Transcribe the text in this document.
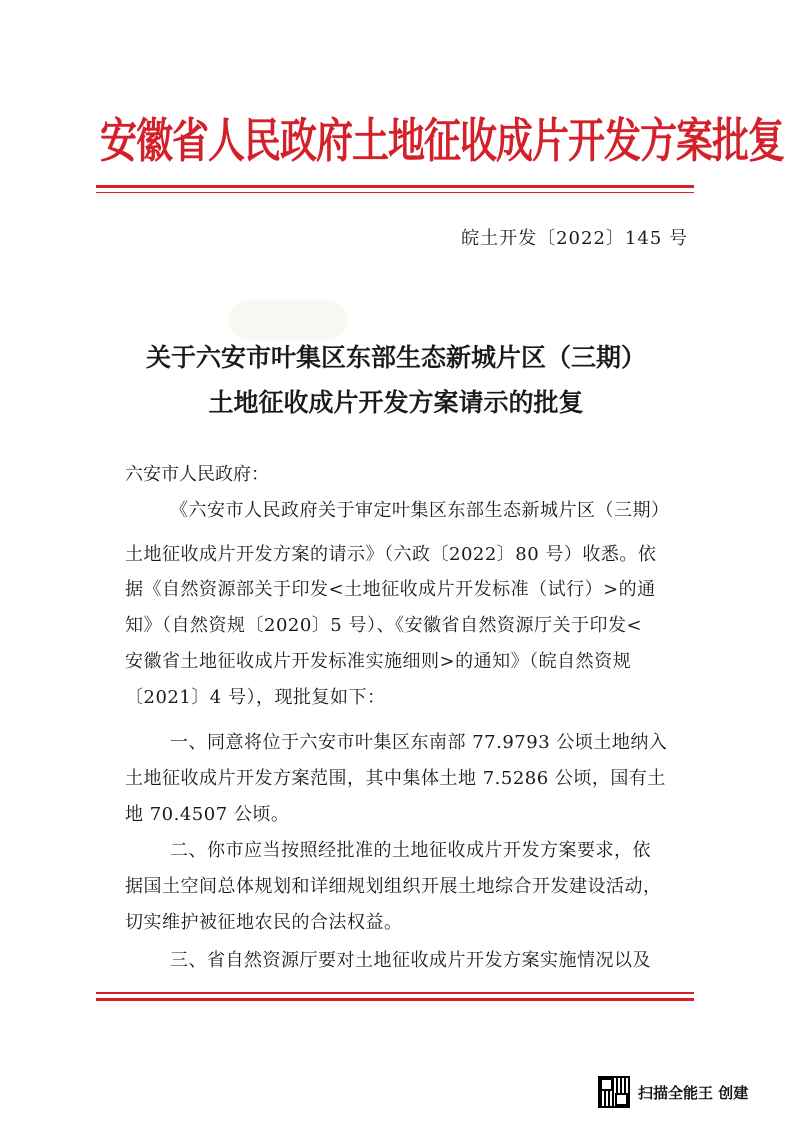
安徽省人民政府土地征收成片开发方案批复
皖土开发〔2022〕145 号
关于六安市叶集区东部生态新城片区（三期）
土地征收成片开发方案请示的批复
六安市人民政府：
《六安市人民政府关于审定叶集区东部生态新城片区（三期）
土地征收成片开发方案的请示》（六政〔2022〕80 号）收悉。依
据《自然资源部关于印发<土地征收成片开发标准（试行）>的通
知》（自然资规〔2020〕5 号）、《安徽省自然资源厅关于印发<
安徽省土地征收成片开发标准实施细则>的通知》（皖自然资规
〔2021〕4 号），现批复如下：
一、同意将位于六安市叶集区东南部 77.9793 公顷土地纳入
土地征收成片开发方案范围，其中集体土地 7.5286 公顷，国有土
地 70.4507 公顷。
二、你市应当按照经批准的土地征收成片开发方案要求，依
据国土空间总体规划和详细规划组织开展土地综合开发建设活动，
切实维护被征地农民的合法权益。
三、省自然资源厅要对土地征收成片开发方案实施情况以及
扫描全能王 创建
